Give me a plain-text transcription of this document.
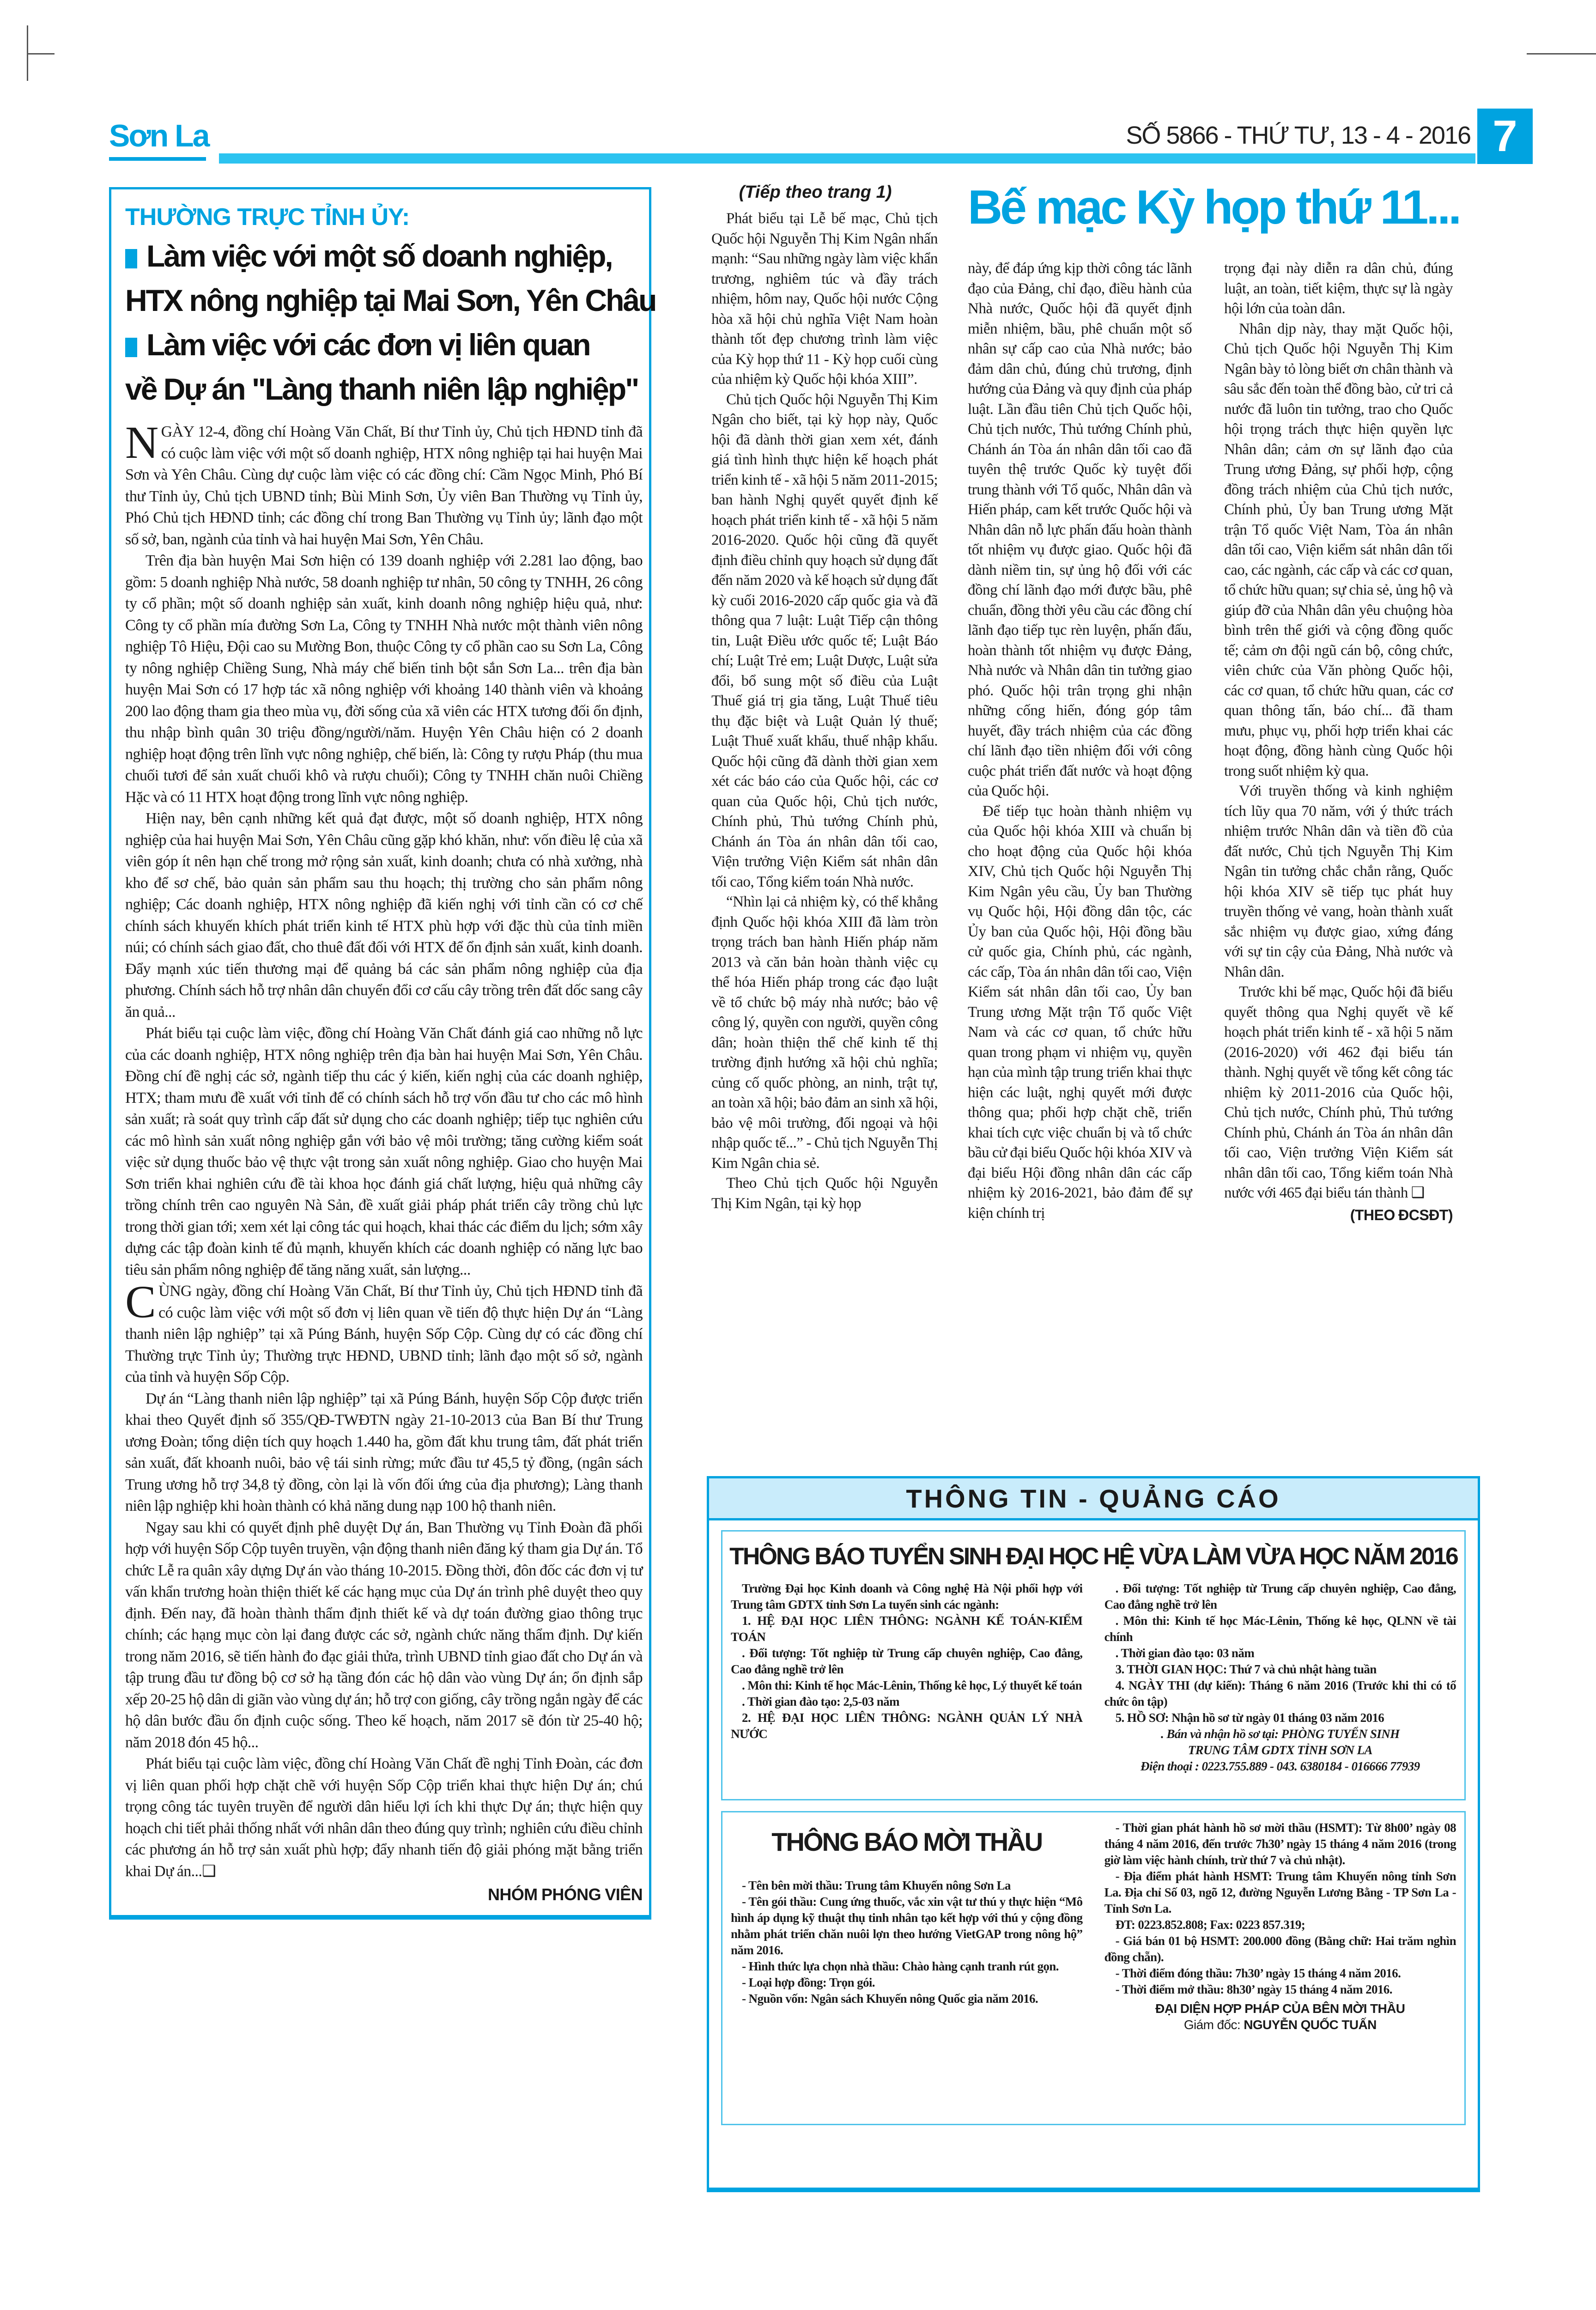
Sơn La	SỐ 5866 - THỨ TƯ, 13 - 4 - 2016 7
THƯỜNG TRỰC TỈNH ỦY:
Làm việc với một số doanh nghiệp,
HTX nông nghiệp tại Mai Sơn, Yên Châu
Làm việc với các đơn vị liên quan
về Dự án "Làng thanh niên lập nghiệp"

NGÀY 12-4, đồng chí Hoàng Văn Chất, Bí thư Tỉnh ủy, Chủ tịch HĐND tỉnh đã có cuộc làm việc với một số doanh nghiệp, HTX nông nghiệp tại hai huyện Mai Sơn và Yên Châu. Cùng dự cuộc làm việc có các đồng chí: Cầm Ngọc Minh, Phó Bí thư Tỉnh ủy, Chủ tịch UBND tỉnh; Bùi Minh Sơn, Ủy viên Ban Thường vụ Tỉnh ủy, Phó Chủ tịch HĐND tỉnh; các đồng chí trong Ban Thường vụ Tỉnh ủy; lãnh đạo một số sở, ban, ngành của tỉnh và hai huyện Mai Sơn, Yên Châu.

Trên địa bàn huyện Mai Sơn hiện có 139 doanh nghiệp với 2.281 lao động, bao gồm: 5 doanh nghiệp Nhà nước, 58 doanh nghiệp tư nhân, 50 công ty TNHH, 26 công ty cổ phần; một số doanh nghiệp sản xuất, kinh doanh nông nghiệp hiệu quả, như: Công ty cổ phần mía đường Sơn La, Công ty TNHH Nhà nước một thành viên nông nghiệp Tô Hiệu, Đội cao su Mường Bon, thuộc Công ty cổ phần cao su Sơn La, Công ty nông nghiệp Chiềng Sung, Nhà máy chế biến tinh bột sắn Sơn La... trên địa bàn huyện Mai Sơn có 17 hợp tác xã nông nghiệp với khoảng 140 thành viên và khoảng 200 lao động tham gia theo mùa vụ, đời sống của xã viên các HTX tương đối ổn định, thu nhập bình quân 30 triệu đồng/người/năm. Huyện Yên Châu hiện có 2 doanh nghiệp hoạt động trên lĩnh vực nông nghiệp, chế biến, là: Công ty rượu Pháp (thu mua chuối tươi để sản xuất chuối khô và rượu chuối); Công ty TNHH chăn nuôi Chiềng Hặc và có 11 HTX hoạt động trong lĩnh vực nông nghiệp.

Hiện nay, bên cạnh những kết quả đạt được, một số doanh nghiệp, HTX nông nghiệp của hai huyện Mai Sơn, Yên Châu cũng gặp khó khăn, như: vốn điều lệ của xã viên góp ít nên hạn chế trong mở rộng sản xuất, kinh doanh; chưa có nhà xưởng, nhà kho để sơ chế, bảo quản sản phẩm sau thu hoạch; thị trường cho sản phẩm nông nghiệp; Các doanh nghiệp, HTX nông nghiệp đã kiến nghị với tỉnh cần có cơ chế chính sách khuyến khích phát triển kinh tế HTX phù hợp với đặc thù của tỉnh miền núi; có chính sách giao đất, cho thuê đất đối với HTX để ổn định sản xuất, kinh doanh. Đẩy mạnh xúc tiến thương mại để quảng bá các sản phẩm nông nghiệp của địa phương. Chính sách hỗ trợ nhân dân chuyển đổi cơ cấu cây trồng trên đất dốc sang cây ăn quả...

Phát biểu tại cuộc làm việc, đồng chí Hoàng Văn Chất đánh giá cao những nỗ lực của các doanh nghiệp, HTX nông nghiệp trên địa bàn hai huyện Mai Sơn, Yên Châu. Đồng chí đề nghị các sở, ngành tiếp thu các ý kiến, kiến nghị của các doanh nghiệp, HTX; tham mưu đề xuất với tỉnh để có chính sách hỗ trợ vốn đầu tư cho các mô hình sản xuất; rà soát quy trình cấp đất sử dụng cho các doanh nghiệp; tiếp tục nghiên cứu các mô hình sản xuất nông nghiệp gắn với bảo vệ môi trường; tăng cường kiểm soát việc sử dụng thuốc bảo vệ thực vật trong sản xuất nông nghiệp. Giao cho huyện Mai Sơn triển khai nghiên cứu đề tài khoa học đánh giá chất lượng, hiệu quả những cây trồng chính trên cao nguyên Nà Sản, đề xuất giải pháp phát triển cây trồng chủ lực trong thời gian tới; xem xét lại công tác qui hoạch, khai thác các điểm du lịch; sớm xây dựng các tập đoàn kinh tế đủ mạnh, khuyến khích các doanh nghiệp có năng lực bao tiêu sản phẩm nông nghiệp để tăng năng xuất, sản lượng...

CÙNG ngày, đồng chí Hoàng Văn Chất, Bí thư Tỉnh ủy, Chủ tịch HĐND tỉnh đã có cuộc làm việc với một số đơn vị liên quan về tiến độ thực hiện Dự án “Làng thanh niên lập nghiệp” tại xã Púng Bánh, huyện Sốp Cộp. Cùng dự có các đồng chí Thường trực Tỉnh ủy; Thường trực HĐND, UBND tỉnh; lãnh đạo một số sở, ngành của tỉnh và huyện Sốp Cộp.

Dự án “Làng thanh niên lập nghiệp” tại xã Púng Bánh, huyện Sốp Cộp được triển khai theo Quyết định số 355/QĐ-TWĐTN ngày 21-10-2013 của Ban Bí thư Trung ương Đoàn; tổng diện tích quy hoạch 1.440 ha, gồm đất khu trung tâm, đất phát triển sản xuất, đất khoanh nuôi, bảo vệ tái sinh rừng; mức đầu tư 45,5 tỷ đồng, (ngân sách Trung ương hỗ trợ 34,8 tỷ đồng, còn lại là vốn đối ứng của địa phương); Làng thanh niên lập nghiệp khi hoàn thành có khả năng dung nạp 100 hộ thanh niên.

Ngay sau khi có quyết định phê duyệt Dự án, Ban Thường vụ Tỉnh Đoàn đã phối hợp với huyện Sốp Cộp tuyên truyền, vận động thanh niên đăng ký tham gia Dự án. Tổ chức Lễ ra quân xây dựng Dự án vào tháng 10-2015. Đồng thời, đôn đốc các đơn vị tư vấn khẩn trương hoàn thiện thiết kế các hạng mục của Dự án trình phê duyệt theo quy định. Đến nay, đã hoàn thành thẩm định thiết kế và dự toán đường giao thông trục chính; các hạng mục còn lại đang được các sở, ngành chức năng thẩm định. Dự kiến trong năm 2016, sẽ tiến hành đo đạc giải thửa, trình UBND tỉnh giao đất cho Dự án và tập trung đầu tư đồng bộ cơ sở hạ tầng đón các hộ dân vào vùng Dự án; ổn định sắp xếp 20-25 hộ dân di giãn vào vùng dự án; hỗ trợ con giống, cây trồng ngắn ngày để các hộ dân bước đầu ổn định cuộc sống. Theo kế hoạch, năm 2017 sẽ đón từ 25-40 hộ; năm 2018 đón 45 hộ...

Phát biểu tại cuộc làm việc, đồng chí Hoàng Văn Chất đề nghị Tỉnh Đoàn, các đơn vị liên quan phối hợp chặt chẽ với huyện Sốp Cộp triển khai thực hiện Dự án; chú trọng công tác tuyên truyền để người dân hiểu lợi ích khi thực Dự án; thực hiện quy hoạch chi tiết phải thống nhất với nhân dân theo đúng quy trình; nghiên cứu điều chỉnh các phương án hỗ trợ sản xuất phù hợp; đẩy nhanh tiến độ giải phóng mặt bằng triển khai Dự án...❑

NHÓM PHÓNG VIÊN
(Tiếp theo trang 1)	Bế mạc Kỳ họp thứ 11...

Phát biểu tại Lễ bế mạc, Chủ tịch Quốc hội Nguyễn Thị Kim Ngân nhấn mạnh: “Sau những ngày làm việc khẩn trương, nghiêm túc và đầy trách nhiệm, hôm nay, Quốc hội nước Cộng hòa xã hội chủ nghĩa Việt Nam hoàn thành tốt đẹp chương trình làm việc của Kỳ họp thứ 11 - Kỳ họp cuối cùng của nhiệm kỳ Quốc hội khóa XIII”.

Chủ tịch Quốc hội Nguyễn Thị Kim Ngân cho biết, tại kỳ họp này, Quốc hội đã dành thời gian xem xét, đánh giá tình hình thực hiện kế hoạch phát triển kinh tế - xã hội 5 năm 2011-2015; ban hành Nghị quyết quyết định kế hoạch phát triển kinh tế - xã hội 5 năm 2016-2020. Quốc hội cũng đã quyết định điều chỉnh quy hoạch sử dụng đất đến năm 2020 và kế hoạch sử dụng đất kỳ cuối 2016-2020 cấp quốc gia và đã thông qua 7 luật: Luật Tiếp cận thông tin, Luật Điều ước quốc tế; Luật Báo chí; Luật Trẻ em; Luật Dược, Luật sửa đổi, bổ sung một số điều của Luật Thuế giá trị gia tăng, Luật Thuế tiêu thụ đặc biệt và Luật Quản lý thuế; Luật Thuế xuất khẩu, thuế nhập khẩu. Quốc hội cũng đã dành thời gian xem xét các báo cáo của Quốc hội, các cơ quan của Quốc hội, Chủ tịch nước, Chính phủ, Thủ tướng Chính phủ, Chánh án Tòa án nhân dân tối cao, Viện trưởng Viện Kiểm sát nhân dân tối cao, Tổng kiểm toán Nhà nước.

“Nhìn lại cả nhiệm kỳ, có thể khẳng định Quốc hội khóa XIII đã làm tròn trọng trách ban hành Hiến pháp năm 2013 và căn bản hoàn thành việc cụ thể hóa Hiến pháp trong các đạo luật về tổ chức bộ máy nhà nước; bảo vệ công lý, quyền con người, quyền công dân; hoàn thiện thể chế kinh tế thị trường định hướng xã hội chủ nghĩa; củng cố quốc phòng, an ninh, trật tự, an toàn xã hội; bảo đảm an sinh xã hội, bảo vệ môi trường, đối ngoại và hội nhập quốc tế...” - Chủ tịch Nguyễn Thị Kim Ngân chia sẻ.

Theo Chủ tịch Quốc hội Nguyễn Thị Kim Ngân, tại kỳ họp

này, để đáp ứng kịp thời công tác lãnh đạo của Đảng, chỉ đạo, điều hành của Nhà nước, Quốc hội đã quyết định miễn nhiệm, bầu, phê chuẩn một số nhân sự cấp cao của Nhà nước; bảo đảm dân chủ, đúng chủ trương, định hướng của Đảng và quy định của pháp luật. Lần đầu tiên Chủ tịch Quốc hội, Chủ tịch nước, Thủ tướng Chính phủ, Chánh án Tòa án nhân dân tối cao đã tuyên thệ trước Quốc kỳ tuyệt đối trung thành với Tổ quốc, Nhân dân và Hiến pháp, cam kết trước Quốc hội và Nhân dân nỗ lực phấn đấu hoàn thành tốt nhiệm vụ được giao. Quốc hội đã dành niềm tin, sự ủng hộ đối với các đồng chí lãnh đạo mới được bầu, phê chuẩn, đồng thời yêu cầu các đồng chí lãnh đạo tiếp tục rèn luyện, phấn đấu, hoàn thành tốt nhiệm vụ được Đảng, Nhà nước và Nhân dân tin tưởng giao phó. Quốc hội trân trọng ghi nhận những cống hiến, đóng góp tâm huyết, đầy trách nhiệm của các đồng chí lãnh đạo tiền nhiệm đối với công cuộc phát triển đất nước và hoạt động của Quốc hội.

Để tiếp tục hoàn thành nhiệm vụ của Quốc hội khóa XIII và chuẩn bị cho hoạt động của Quốc hội khóa XIV, Chủ tịch Quốc hội Nguyễn Thị Kim Ngân yêu cầu, Ủy ban Thường vụ Quốc hội, Hội đồng dân tộc, các Ủy ban của Quốc hội, Hội đồng bầu cử quốc gia, Chính phủ, các ngành, các cấp, Tòa án nhân dân tối cao, Viện Kiểm sát nhân dân tối cao, Ủy ban Trung ương Mặt trận Tổ quốc Việt Nam và các cơ quan, tổ chức hữu quan trong phạm vi nhiệm vụ, quyền hạn của mình tập trung triển khai thực hiện các luật, nghị quyết mới được thông qua; phối hợp chặt chẽ, triển khai tích cực việc chuẩn bị và tổ chức bầu cử đại biểu Quốc hội khóa XIV và đại biểu Hội đồng nhân dân các cấp nhiệm kỳ 2016-2021, bảo đảm để sự kiện chính trị

trọng đại này diễn ra dân chủ, đúng luật, an toàn, tiết kiệm, thực sự là ngày hội lớn của toàn dân.

Nhân dịp này, thay mặt Quốc hội, Chủ tịch Quốc hội Nguyễn Thị Kim Ngân bày tỏ lòng biết ơn chân thành và sâu sắc đến toàn thể đồng bào, cử tri cả nước đã luôn tin tưởng, trao cho Quốc hội trọng trách thực hiện quyền lực Nhân dân; cảm ơn sự lãnh đạo của Trung ương Đảng, sự phối hợp, cộng đồng trách nhiệm của Chủ tịch nước, Chính phủ, Ủy ban Trung ương Mặt trận Tổ quốc Việt Nam, Tòa án nhân dân tối cao, Viện kiểm sát nhân dân tối cao, các ngành, các cấp và các cơ quan, tổ chức hữu quan; sự chia sẻ, ủng hộ và giúp đỡ của Nhân dân yêu chuộng hòa bình trên thế giới và cộng đồng quốc tế; cảm ơn đội ngũ cán bộ, công chức, viên chức của Văn phòng Quốc hội, các cơ quan, tổ chức hữu quan, các cơ quan thông tấn, báo chí... đã tham mưu, phục vụ, phối hợp triển khai các hoạt động, đồng hành cùng Quốc hội trong suốt nhiệm kỳ qua.

Với truyền thống và kinh nghiệm tích lũy qua 70 năm, với ý thức trách nhiệm trước Nhân dân và tiền đồ của đất nước, Chủ tịch Nguyễn Thị Kim Ngân tin tưởng chắc chắn rằng, Quốc hội khóa XIV sẽ tiếp tục phát huy truyền thống vẻ vang, hoàn thành xuất sắc nhiệm vụ được giao, xứng đáng với sự tin cậy của Đảng, Nhà nước và Nhân dân.

Trước khi bế mạc, Quốc hội đã biểu quyết thông qua Nghị quyết về kế hoạch phát triển kinh tế - xã hội 5 năm (2016-2020) với 462 đại biểu tán thành. Nghị quyết về tổng kết công tác nhiệm kỳ 2011-2016 của Quốc hội, Chủ tịch nước, Chính phủ, Thủ tướng Chính phủ, Chánh án Tòa án nhân dân tối cao, Viện trưởng Viện Kiểm sát nhân dân tối cao, Tổng kiểm toán Nhà nước với 465 đại biểu tán thành ❑

(THEO ĐCSĐT)
THÔNG TIN - QUẢNG CÁO
THÔNG BÁO TUYỂN SINH ĐẠI HỌC HỆ VỪA LÀM VỪA HỌC NĂM 2016

Trường Đại học Kinh doanh và Công nghệ Hà Nội phối hợp với Trung tâm GDTX tỉnh Sơn La tuyển sinh các ngành:

1. HỆ ĐẠI HỌC LIÊN THÔNG: NGÀNH KẾ TOÁN-KIỂM TOÁN

. Đối tượng: Tốt nghiệp từ Trung cấp chuyên nghiệp, Cao đẳng, Cao đẳng nghề trở lên

. Môn thi: Kinh tế học Mác-Lênin, Thống kê học, Lý thuyết kế toán

. Thời gian đào tạo: 2,5-03 năm

2. HỆ ĐẠI HỌC LIÊN THÔNG: NGÀNH QUẢN LÝ NHÀ NƯỚC

. Đối tượng: Tốt nghiệp từ Trung cấp chuyên nghiệp, Cao đẳng, Cao đẳng nghề trở lên

. Môn thi: Kinh tế học Mác-Lênin, Thống kê học, QLNN về tài chính

. Thời gian đào tạo: 03 năm

3. THỜI GIAN HỌC: Thứ 7 và chủ nhật hàng tuần

4. NGÀY THI (dự kiến): Tháng 6 năm 2016 (Trước khi thi có tổ chức ôn tập)

5. HỒ SƠ: Nhận hồ sơ từ ngày 01 tháng 03 năm 2016

. Bán và nhận hồ sơ tại: PHÒNG TUYỂN SINH

TRUNG TÂM GDTX TỈNH SƠN LA

Điện thoại : 0223.755.889 - 043. 6380184 - 016666 77939

THÔNG BÁO MỜI THẦU

- Tên bên mời thầu: Trung tâm Khuyến nông Sơn La

- Tên gói thầu: Cung ứng thuốc, vắc xin vật tư thú y thực hiện “Mô hình áp dụng kỹ thuật thụ tinh nhân tạo kết hợp với thú y cộng đồng nhằm phát triển chăn nuôi lợn theo hướng VietGAP trong nông hộ” năm 2016.

- Hình thức lựa chọn nhà thầu: Chào hàng cạnh tranh rút gọn.

- Loại hợp đồng: Trọn gói.

- Nguồn vốn: Ngân sách Khuyến nông Quốc gia năm 2016.

- Thời gian phát hành hồ sơ mời thầu (HSMT): Từ 8h00’ ngày 08 tháng 4 năm 2016, đến trước 7h30’ ngày 15 tháng 4 năm 2016 (trong giờ làm việc hành chính, trừ thứ 7 và chủ nhật).

- Địa điểm phát hành HSMT: Trung tâm Khuyến nông tỉnh Sơn La. Địa chỉ Số 03, ngõ 12, đường Nguyễn Lương Bằng - TP Sơn La - Tỉnh Sơn La.

ĐT: 0223.852.808; Fax: 0223 857.319;

- Giá bán 01 bộ HSMT: 200.000 đồng (Bằng chữ: Hai trăm nghìn đồng chẵn).

- Thời điểm đóng thầu: 7h30’ ngày 15 tháng 4 năm 2016.

- Thời điểm mở thầu: 8h30’ ngày 15 tháng 4 năm 2016.

ĐẠI DIỆN HỢP PHÁP CỦA BÊN MỜI THẦU

Giám đốc: NGUYỄN QUỐC TUẤN
